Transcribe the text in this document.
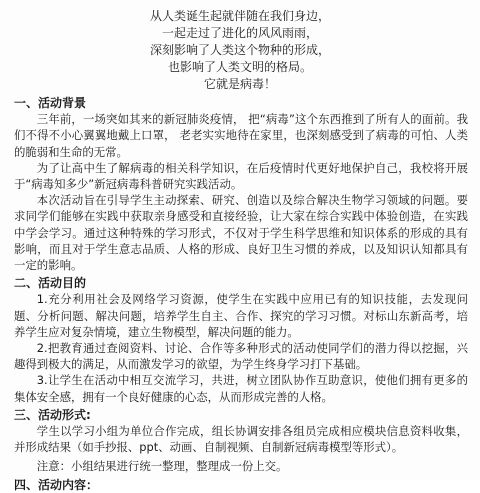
从人类诞生起就伴随在我们身边，
一起走过了进化的风风雨雨，
深刻影响了人类这个物种的形成，
也影响了人类文明的格局。
它就是病毒！
一、活动背景
三年前，一场突如其来的新冠肺炎疫情， 把“病毒”这个东西推到了所有人的面前。我们不得不小心翼翼地戴上口罩， 老老实实地待在家里，也深刻感受到了病毒的可怕、人类的脆弱和生命的无常。
为了让高中生了解病毒的相关科学知识，在后疫情时代更好地保护自己，我校将开展于“病毒知多少”新冠病毒科普研究实践活动。
本次活动旨在引导学生主动探索、研究、创造以及综合解决生物学习领域的问题。要求同学们能够在实践中获取亲身感受和直接经验，让大家在综合实践中体验创造，在实践中学会学习。通过这种特殊的学习形式，不仅对于学生科学思维和知识体系的形成的具有影响，而且对于学生意志品质、人格的形成、良好卫生习惯的养成，以及知识认知都具有一定的影响。
二、活动目的
1.充分利用社会及网络学习资源，使学生在实践中应用已有的知识技能，去发现问题、分析问题、解决问题，培养学生自主、合作、探究的学习习惯。对标山东新高考，培养学生应对复杂情境，建立生物模型，解决问题的能力。
2.把教育通过查阅资料、讨论、合作等多种形式的活动使同学们的潜力得以挖掘，兴趣得到极大的满足，从而激发学习的欲望，为学生终身学习打下基础。
3.让学生在活动中相互交流学习，共进，树立团队协作互助意识，使他们拥有更多的集体安全感，拥有一个良好健康的心态，从而形成完善的人格。
三、活动形式:
学生以学习小组为单位合作完成，组长协调安排各组员完成相应模块信息资料收集，并形成结果（如手抄报、ppt、动画、自制视频、自制新冠病毒模型等形式）。
注意：小组结果进行统一整理，整理成一份上交。
四、活动内容：
